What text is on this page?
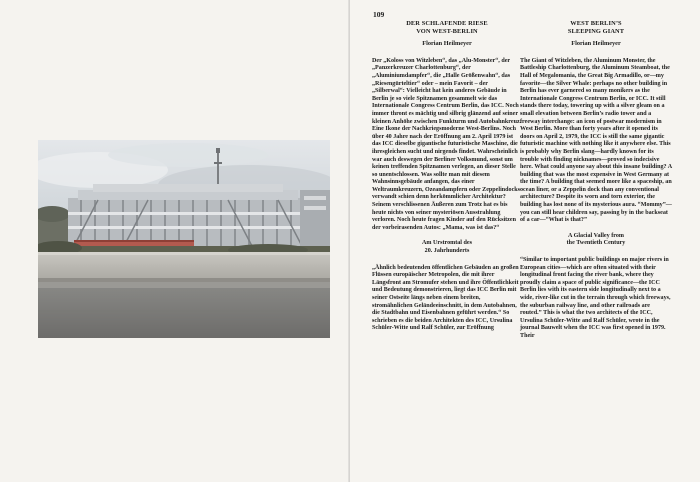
109
DER SCHLAFENDE RIESE
VON WEST-BERLIN
Florian Heilmeyer

Der „Koloss von Witzleben“, das „Alu-Monster“, der „Panzerkreuzer Charlottenburg“, der „Aluminiumdampfer“, die „Halle Größenwahn“, das „Riesengürteltier“ oder – mein Favorit – der „Silberwal“: Vielleicht hat kein anderes Gebäude in Berlin je so viele Spitznamen gesammelt wie das Internationale Congress Centrum Berlin, das ICC. Noch immer thront es mächtig und silbrig glänzend auf seiner kleinen Anhöhe zwischen Funkturm und Autobahnkreuz. Eine Ikone der Nachkriegsmoderne West-Berlins. Noch über 40 Jahre nach der Eröffnung am 2. April 1979 ist das ICC dieselbe gigantische futuristische Maschine, die ihresgleichen sucht und nirgends findet. Wahrscheinlich war auch deswegen der Berliner Volksmund, sonst um keinen treffenden Spitznamen verlegen, an dieser Stelle so unentschlossen. Was sollte man mit diesem Wahnsinnsgebäude anfangen, das einer Weltraumkreuzern, Ozeandampfern oder Zeppelindocks verwandt schien denn herkömmlicher Architektur? Seinem verschlissenen Äußeren zum Trotz hat es bis heute nichts von seiner mysteriösen Ausstrahlung verloren. Noch heute fragen Kinder auf den Rücksitzen der vorbeirasenden Autos: „Mama, was ist das?“

Am Urstromtal des
20. Jahrhunderts

„Ähnlich bedeutenden öffentlichen Gebäuden an großen Flüssen europäischer Metropolen, die mit ihrer Längsfront am Stromufer stehen und ihre Öffentlichkeit und Bedeutung demonstrieren, liegt das ICC Berlin mit seiner Ostseite längs neben einem breiten, stromähnlichen Geländeeinschnitt, in dem Autobahnen, die Stadtbahn und Eisenbahnen geführt werden.“ So schrieben es die beiden Architekten des ICC, Ursulina Schüler-Witte und Ralf Schüler, zur Eröffnung

WEST BERLIN’S
SLEEPING GIANT
Florian Heilmeyer

The Giant of Witzleben, the Aluminum Monster, the Battleship Charlottenburg, the Aluminum Steamboat, the Hall of Megalomania, the Great Big Armadillo, or—my favorite—the Silver Whale: perhaps no other building in Berlin has ever garnered so many monikers as the Internationale Congress Centrum Berlin, or ICC. It still stands there today, towering up with a silver gleam on a small elevation between Berlin’s radio tower and a freeway interchange: an icon of postwar modernism in West Berlin. More than forty years after it opened its doors on April 2, 1979, the ICC is still the same gigantic futuristic machine with nothing like it anywhere else. This is probably why Berlin slang—hardly known for its trouble with finding nicknames—proved so indecisive here. What could anyone say about this insane building? A building that was the most expensive in West Germany at the time? A building that seemed more like a spaceship, an ocean liner, or a Zeppelin dock than any conventional architecture? Despite its worn and torn exterior, the building has lost none of its mysterious aura. “Mommy”—you can still hear children say, passing by in the backseat of a car—“What is that?”

A Glacial Valley from
the Twentieth Century

“Similar to important public buildings on major rivers in European cities—which are often situated with their longitudinal front facing the river bank, where they proudly claim a space of public significance—the ICC Berlin lies with its eastern side longitudinally next to a wide, river-like cut in the terrain through which freeways, the suburban railway line, and other railroads are routed.” This is what the two architects of the ICC, Ursulina Schüler-Witte and Ralf Schüler, wrote in the journal Bauwelt when the ICC was first opened in 1979. Their
